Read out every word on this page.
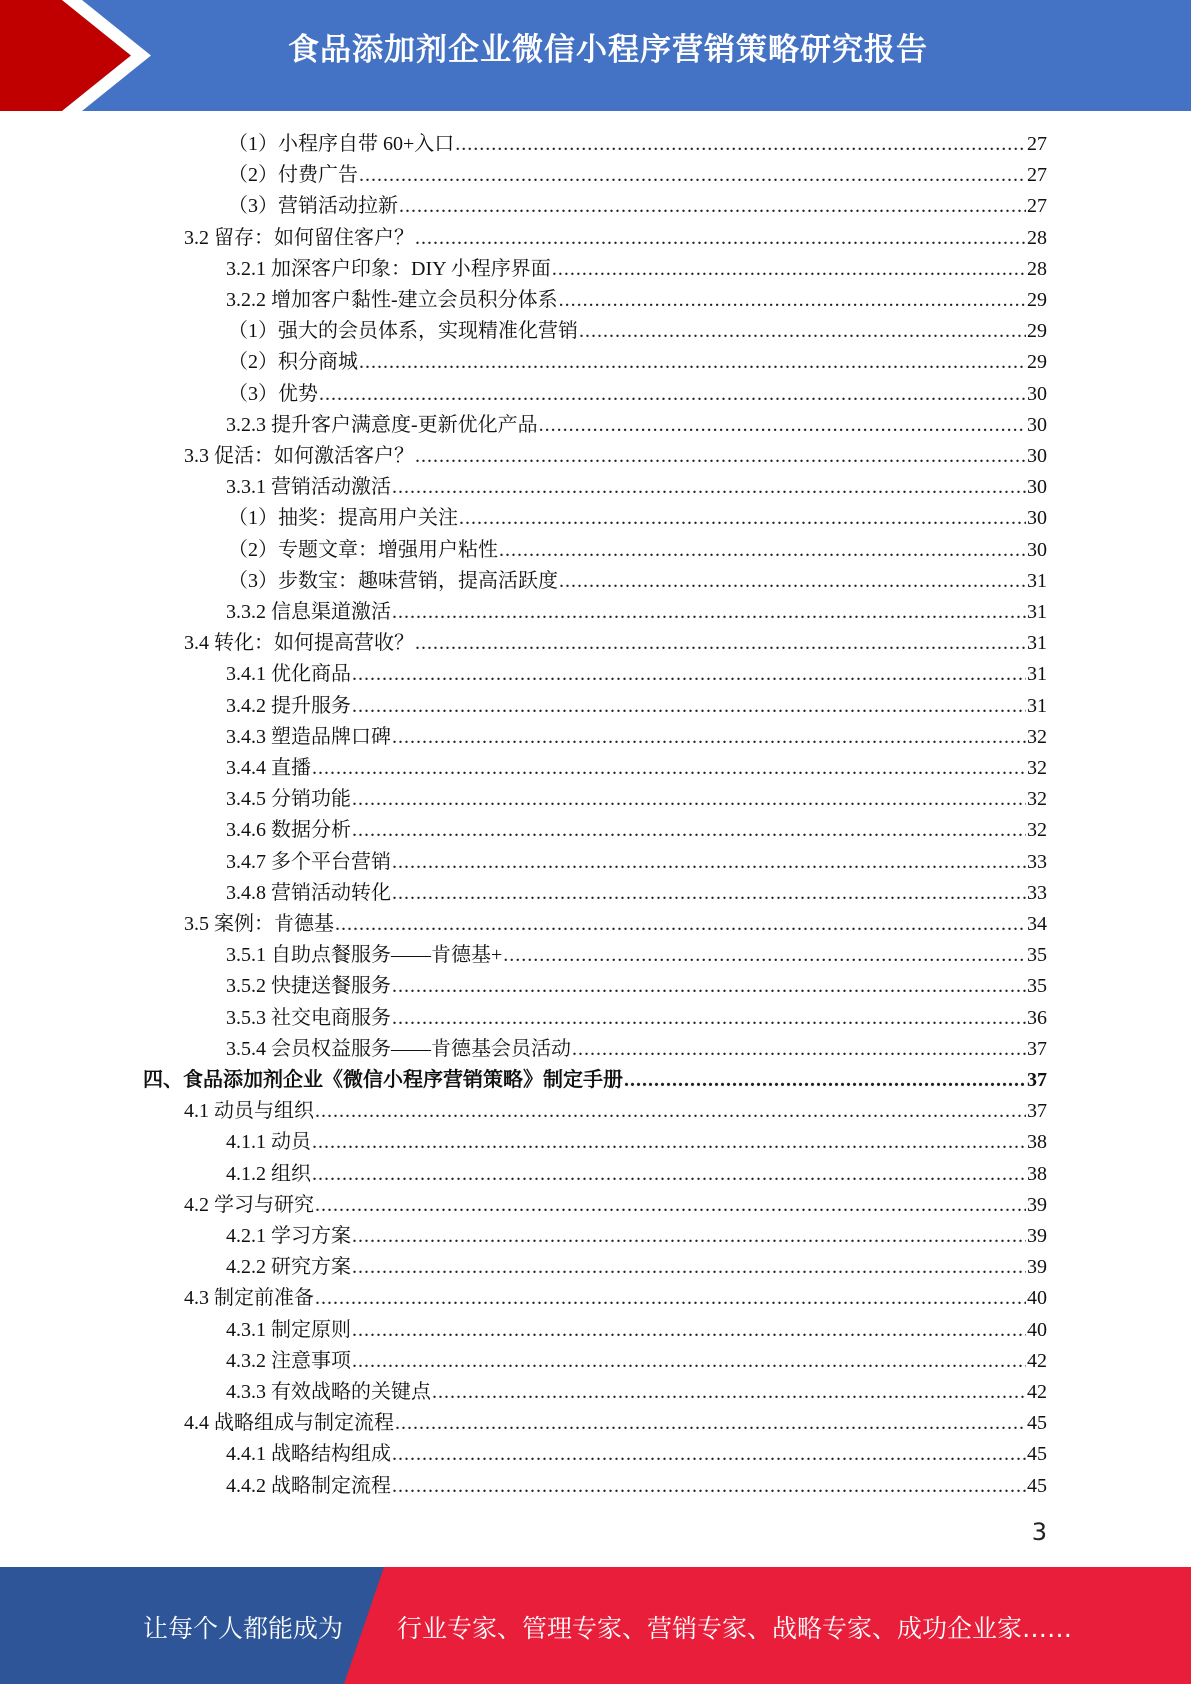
食品添加剂企业微信小程序营销策略研究报告
（1）小程序自带 60+入口 .....	27
（2）付费广告 .....	27
（3）营销活动拉新 .....	27
3.2 留存：如何留住客户？ .....	28
3.2.1 加深客户印象：DIY 小程序界面 .....	28
3.2.2 增加客户黏性-建立会员积分体系 .....	29
（1）强大的会员体系，实现精准化营销 .....	29
（2）积分商城 .....	29
（3）优势 .....	30
3.2.3 提升客户满意度-更新优化产品 .....	30
3.3 促活：如何激活客户？ .....	30
3.3.1 营销活动激活 .....	30
（1）抽奖：提高用户关注 .....	30
（2）专题文章：增强用户粘性 .....	30
（3）步数宝：趣味营销，提高活跃度 .....	31
3.3.2 信息渠道激活 .....	31
3.4 转化：如何提高营收？ .....	31
3.4.1 优化商品 .....	31
3.4.2 提升服务 .....	31
3.4.3 塑造品牌口碑 .....	32
3.4.4 直播 .....	32
3.4.5 分销功能 .....	32
3.4.6 数据分析 .....	32
3.4.7 多个平台营销 .....	33
3.4.8 营销活动转化 .....	33
3.5 案例：肯德基 .....	34
3.5.1 自助点餐服务——肯德基+ .....	35
3.5.2 快捷送餐服务 .....	35
3.5.3 社交电商服务 .....	36
3.5.4 会员权益服务——肯德基会员活动 .....	37
四、食品添加剂企业《微信小程序营销策略》制定手册 .....	37
4.1 动员与组织 .....	37
4.1.1 动员 .....	38
4.1.2 组织 .....	38
4.2 学习与研究 .....	39
4.2.1 学习方案 .....	39
4.2.2 研究方案 .....	39
4.3 制定前准备 .....	40
4.3.1 制定原则 .....	40
4.3.2 注意事项 .....	42
4.3.3 有效战略的关键点 .....	42
4.4 战略组成与制定流程 .....	45
4.4.1 战略结构组成 .....	45
4.4.2 战略制定流程 .....	45
3
让每个人都能成为 行业专家、管理专家、营销专家、战略专家、成功企业家……
